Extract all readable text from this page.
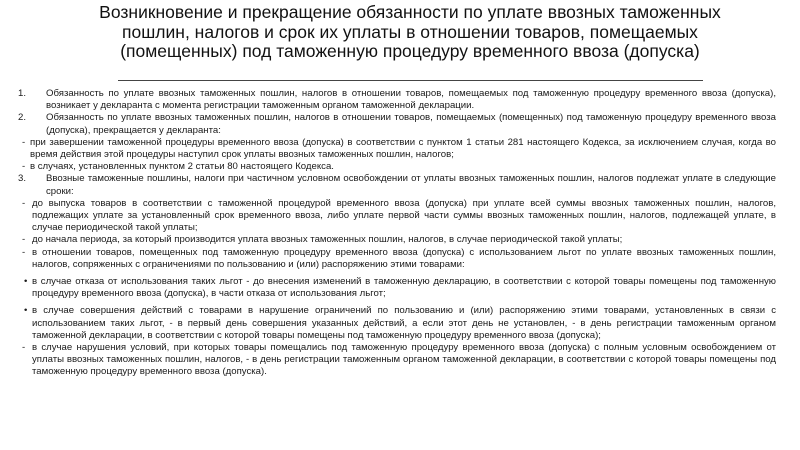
Возникновение и прекращение обязанности по уплате ввозных таможенных пошлин, налогов и срок их уплаты в отношении товаров, помещаемых (помещенных) под таможенную процедуру временного ввоза (допуска)
1.	Обязанность по уплате ввозных таможенных пошлин, налогов в отношении товаров, помещаемых под таможенную процедуру временного ввоза (допуска), возникает у декларанта с момента регистрации таможенным органом таможенной декларации.
2.	Обязанность по уплате ввозных таможенных пошлин, налогов в отношении товаров, помещаемых (помещенных) под таможенную процедуру временного ввоза (допуска), прекращается у декларанта:
- при завершении таможенной процедуры временного ввоза (допуска) в соответствии с пунктом 1 статьи 281 настоящего Кодекса, за исключением случая, когда во время действия этой процедуры наступил срок уплаты ввозных таможенных пошлин, налогов;
- в случаях, установленных пунктом 2 статьи 80 настоящего Кодекса.
3.	Ввозные таможенные пошлины, налоги при частичном условном освобождении от уплаты ввозных таможенных пошлин, налогов подлежат уплате в следующие сроки:
- до выпуска товаров в соответствии с таможенной процедурой временного ввоза (допуска) при уплате всей суммы ввозных таможенных пошлин, налогов, подлежащих уплате за установленный срок временного ввоза, либо уплате первой части суммы ввозных таможенных пошлин, налогов, подлежащей уплате, в случае периодической такой уплаты;
- до начала периода, за который производится уплата ввозных таможенных пошлин, налогов, в случае периодической такой уплаты;
- в отношении товаров, помещенных под таможенную процедуру временного ввоза (допуска) с использованием льгот по уплате ввозных таможенных пошлин, налогов, сопряженных с ограничениями по пользованию и (или) распоряжению этими товарами:
• в случае отказа от использования таких льгот - до внесения изменений в таможенную декларацию, в соответствии с которой товары помещены под таможенную процедуру временного ввоза (допуска), в части отказа от использования льгот;
• в случае совершения действий с товарами в нарушение ограничений по пользованию и (или) распоряжению этими товарами, установленных в связи с использованием таких льгот, - в первый день совершения указанных действий, а если этот день не установлен, - в день регистрации таможенным органом таможенной декларации, в соответствии с которой товары помещены под таможенную процедуру временного ввоза (допуска);
- в случае нарушения условий, при которых товары помещались под таможенную процедуру временного ввоза (допуска) с полным условным освобождением от уплаты ввозных таможенных пошлин, налогов, - в день регистрации таможенным органом таможенной декларации, в соответствии с которой товары помещены под таможенную процедуру временного ввоза (допуска).
